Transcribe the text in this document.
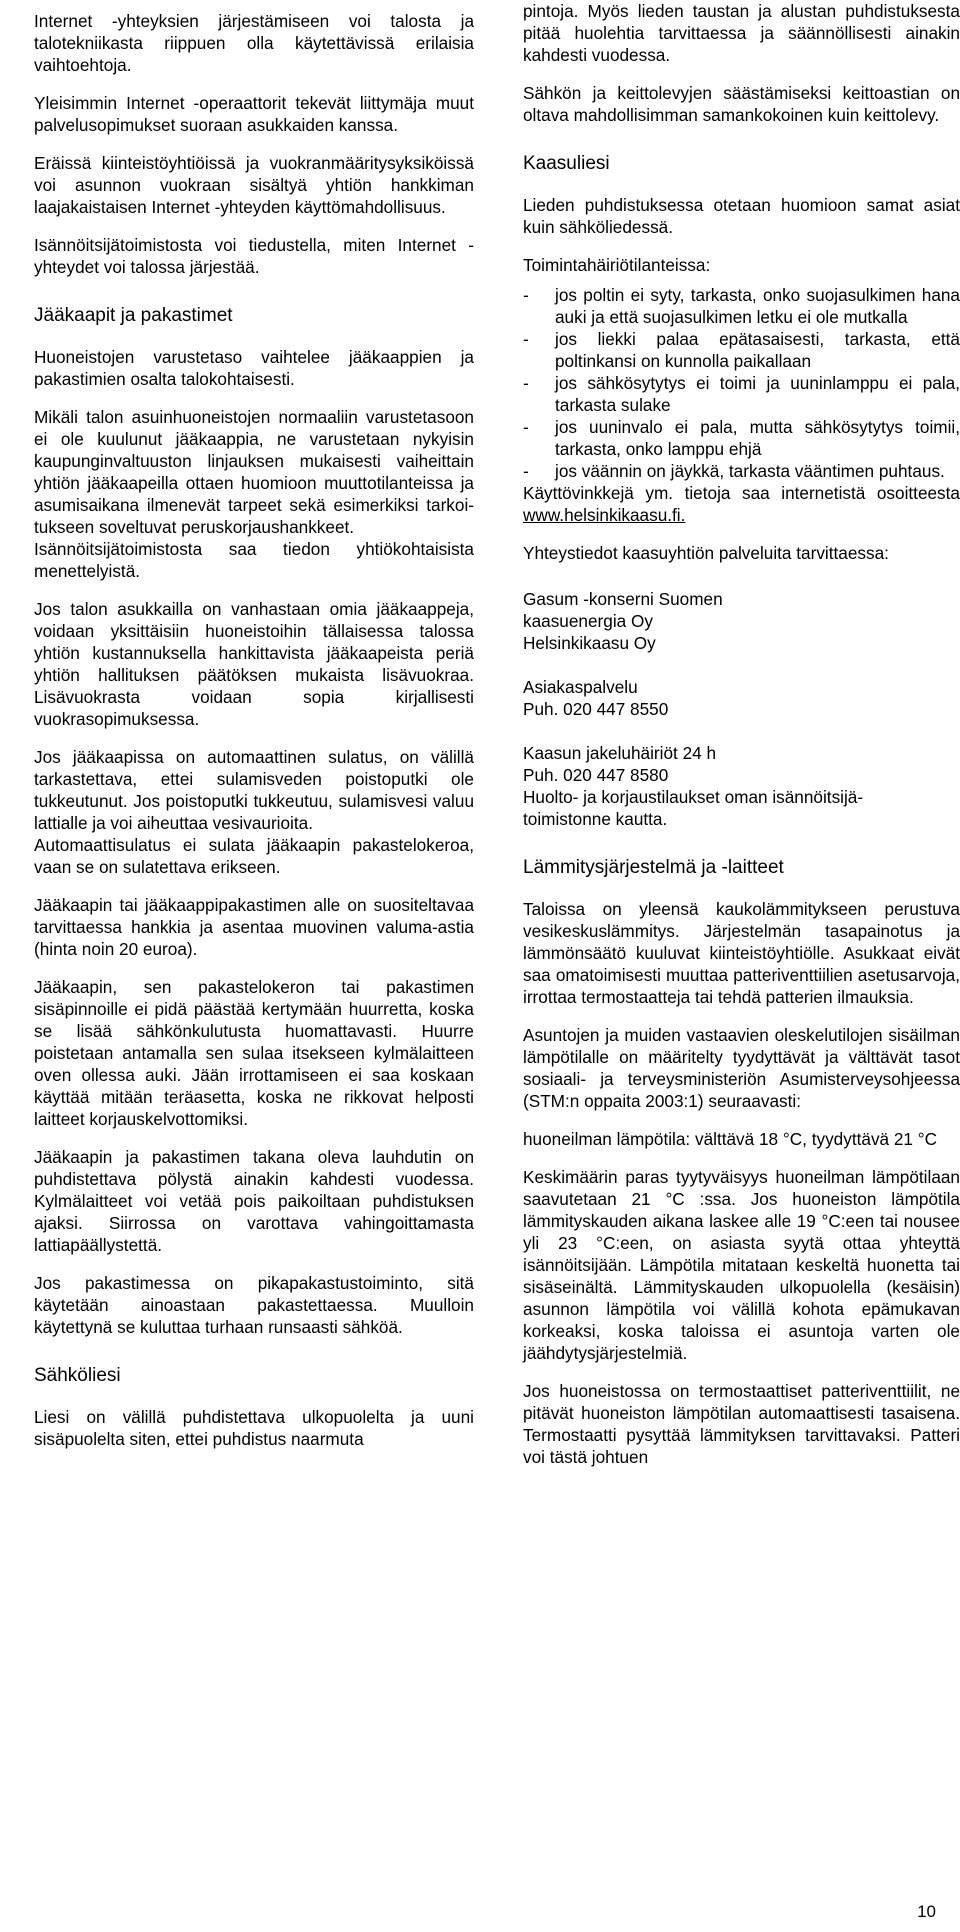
Internet -yhteyksien järjestämiseen voi talosta ja talotekniikasta riippuen olla käytettävissä erilaisia vaihtoehtoja.

Yleisimmin Internet -operaattorit tekevät liittymäja muut palvelusopimukset suoraan asukkaiden kanssa.

Eräissä kiinteistöyhtiöissä ja vuokranmääritysyksiköissä voi asunnon vuokraan sisältyä yhtiön hankkiman laajakaistaisen Internet -yhteyden käyttömahdollisuus.

Isännöitsijätoimistosta voi tiedustella, miten Internet -yhteydet voi talossa järjestää.

Jääkaapit ja pakastimet

Huoneistojen varustetaso vaihtelee jääkaappien ja pakastimien osalta talokohtaisesti.

Mikäli talon asuinhuoneistojen normaaliin varustetasoon ei ole kuulunut jääkaappia, ne varustetaan nykyisin kaupunginvaltuuston linjauksen mukaisesti vaiheittain yhtiön jääkaapeilla ottaen huomioon muuttotilanteissa ja asumisaikana ilmenevät tarpeet sekä esimerkiksi tarkoitukseen soveltuvat peruskorjaushankkeet.

Isännöitsijätoimistosta saa tiedon yhtiökohtaisista menettelyistä.

Jos talon asukkailla on vanhastaan omia jääkaappeja, voidaan yksittäisiin huoneistoihin tällaisessa talossa yhtiön kustannuksella hankittavista jääkaapeista periä yhtiön hallituksen päätöksen mukaista lisävuokraa. Lisävuokrasta voidaan sopia kirjallisesti vuokrasopimuksessa.

Jos jääkaapissa on automaattinen sulatus, on välillä tarkastettava, ettei sulamisveden poistoputki ole tukkeutunut. Jos poistoputki tukkeutuu, sulamisvesi valuu lattialle ja voi aiheuttaa vesivaurioita.

Automaattisulatus ei sulata jääkaapin pakastelokeroa, vaan se on sulatettava erikseen.

Jääkaapin tai jääkaappipakastimen alle on suositeltavaa tarvittaessa hankkia ja asentaa muovinen valuma-astia (hinta noin 20 euroa).

Jääkaapin, sen pakastelokeron tai pakastimen sisäpinnoille ei pidä päästää kertymään huurretta, koska se lisää sähkönkulutusta huomattavasti. Huurre poistetaan antamalla sen sulaa itsekseen kylmälaitteen oven ollessa auki. Jään irrottamiseen ei saa koskaan käyttää mitään teräasetta, koska ne rikkovat helposti laitteet korjauskelvottomiksi.

Jääkaapin ja pakastimen takana oleva lauhdutin on puhdistettava pölystä ainakin kahdesti vuodessa. Kylmälaitteet voi vetää pois paikoiltaan puhdistuksen ajaksi. Siirrossa on varottava vahingoittamasta lattiapäällystettä.

Jos pakastimessa on pikapakastustoiminto, sitä käytetään ainoastaan pakastettaessa. Muulloin käytettynä se kuluttaa turhaan runsaasti sähköä.

Sähköliesi

Liesi on välillä puhdistettava ulkopuolelta ja uuni sisäpuolelta siten, ettei puhdistus naarmuta

pintoja. Myös lieden taustan ja alustan puhdistuksesta pitää huolehtia tarvittaessa ja säännöllisesti ainakin kahdesti vuodessa.

Sähkön ja keittolevyjen säästämiseksi keittoastian on oltava mahdollisimman samankokoinen kuin keittolevy.

Kaasuliesi

Lieden puhdistuksessa otetaan huomioon samat asiat kuin sähköliedessä.

Toimintahäiriötilanteissa:

-	jos poltin ei syty, tarkasta, onko suojasulkimen hana auki ja että suojasulkimen letku ei ole mutkalla
-	jos liekki palaa epätasaisesti, tarkasta, että poltinkansi on kunnolla paikallaan
-	jos sähkösytytys ei toimi ja uuninlamppu ei pala, tarkasta sulake
-	jos uuninvalo ei pala, mutta sähkösytytys toimii, tarkasta, onko lamppu ehjä
-	jos väännin on jäykkä, tarkasta vääntimen puhtaus.

Käyttövinkkejä ym. tietoja saa internetistä osoitteesta www.helsinkikaasu.fi.

Yhteystiedot kaasuyhtiön palveluita tarvittaessa:

Gasum -konserni Suomen

kaasuenergia Oy

Helsinkikaasu Oy

Asiakaspalvelu

Puh. 020 447 8550

Kaasun jakeluhäiriöt 24 h

Puh. 020 447 8580

Huolto- ja korjaustilaukset oman isännöitsijä-

toimistonne kautta.

Lämmitysjärjestelmä ja -laitteet

Taloissa on yleensä kaukolämmitykseen perustuva vesikeskuslämmitys. Järjestelmän tasapainotus ja lämmönsäätö kuuluvat kiinteistöyhtiölle. Asukkaat eivät saa omatoimisesti muuttaa patteriventtiilien asetusarvoja, irrottaa termostaatteja tai tehdä patterien ilmauksia.

Asuntojen ja muiden vastaavien oleskelutilojen sisäilman lämpötilalle on määritelty tyydyttävät ja välttävät tasot sosiaali- ja terveysministeriön Asumisterveysohjeessa (STM:n oppaita 2003:1) seuraavasti:

huoneilman lämpötila: välttävä 18 °C, tyydyttävä 21 °C

Keskimäärin paras tyytyväisyys huoneilman lämpötilaan saavutetaan 21 °C :ssa. Jos huoneiston lämpötila lämmityskauden aikana laskee alle 19 °C:een tai nousee yli 23 °C:een, on asiasta syytä ottaa yhteyttä isännöitsijään. Lämpötila mitataan keskeltä huonetta tai sisäseinältä. Lämmityskauden ulkopuolella (kesäisin) asunnon lämpötila voi välillä kohota epämukavan korkeaksi, koska taloissa ei asuntoja varten ole jäähdytysjärjestelmiä.

Jos huoneistossa on termostaattiset patteriventtiilit, ne pitävät huoneiston lämpötilan automaattisesti tasaisena. Termostaatti pysyttää lämmityksen tarvittavaksi. Patteri voi tästä johtuen

10
